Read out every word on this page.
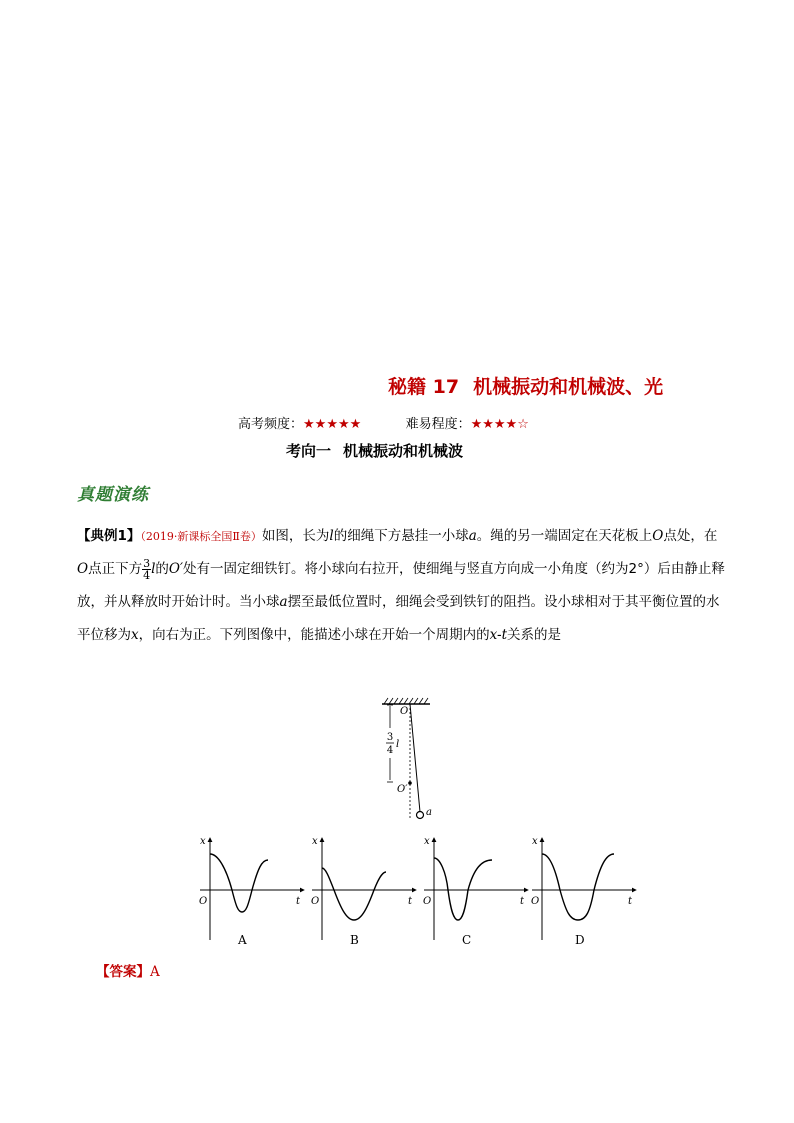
秘籍 17 机械振动和机械波、光
高考频度：★★★★★	难易程度：★★★★☆
考向一 机械振动和机械波
真题演练
【典例1】（2019·新课标全国Ⅱ卷）如图，长为l的细绳下方悬挂一小球a。绳的另一端固定在天花板上O点处，在O点正下方 $\frac{3}{4}$ l的O′处有一固定细铁钉。将小球向右拉开，使细绳与竖直方向成一小角度（约为2°）后由静止释放，并从释放时开始计时。当小球a摆至最低位置时，细绳会受到铁钉的阻挡。设小球相对于其平衡位置的水平位移为x，向右为正。下列图像中，能描述小球在开始一个周期内的x-t关系的是
3
4
l
O
O′
a
x
t
O
A
x
t
O
B
x
t
O
C
x
t
O
D
【答案】A
